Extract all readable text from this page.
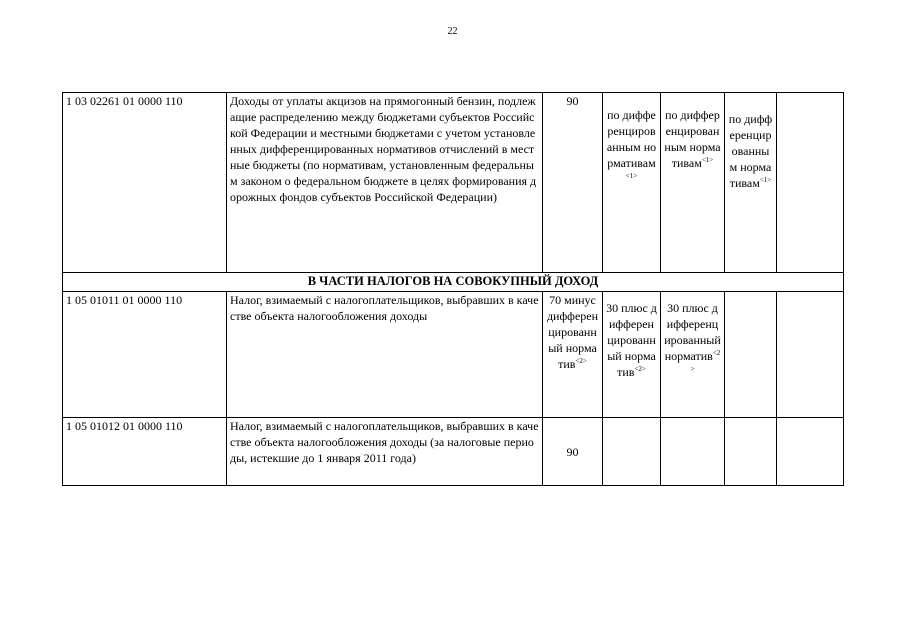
22
1 03 02261 01 0000 110	Доходы от уплаты акцизов на прямогонный бензин, подлежащие распределению между бюджетами субъектов Российской Федерации и местными бюджетами с учетом установленных дифференцированных нормативов отчислений в местные бюджеты (по нормативам, установленным федеральным законом о федеральном бюджете в целях формирования дорожных фондов субъектов Российской Федерации)	90	по дифференцированным нормативам$^{<1>}$	по дифференцированным нормативам$^{<1>}$	по дифференцированным нормативам$^{<1>}$	
В ЧАСТИ НАЛОГОВ НА СОВОКУПНЫЙ ДОХОД						
1 05 01011 01 0000 110	Налог, взимаемый с налогоплательщиков, выбравших в качестве объекта налогообложения доходы	70 минус дифференцированный норматив$^{<2>}$	30 плюс дифференцированный норматив$^{<2>}$	30 плюс дифференцированный норматив$^{<2>}$		
1 05 01012 01 0000 110	Налог, взимаемый с налогоплательщиков, выбравших в качестве объекта налогообложения доходы (за налоговые периоды, истекшие до 1 января 2011 года)	90				
